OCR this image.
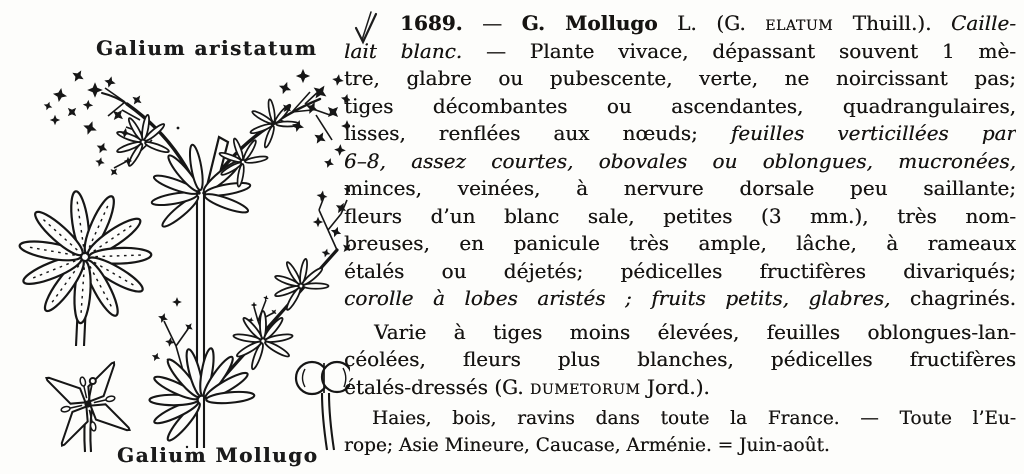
Galium aristatum
Galium Mollugo
1689. — G. Mollugo L. (G. elatum Thuill.). Caille-
lait blanc. — Plante vivace, dépassant souvent 1 mè-
tre, glabre ou pubescente, verte, ne noircissant pas;
tiges décombantes ou ascendantes, quadrangulaires,
lisses, renflées aux nœuds; feuilles verticillées par
6–8, assez courtes, obovales ou oblongues, mucronées,
minces, veinées, à nervure dorsale peu saillante;
fleurs d’un blanc sale, petites (3 mm.), très nom-
breuses, en panicule très ample, lâche, à rameaux
étalés ou déjetés; pédicelles fructifères divariqués;
corolle à lobes aristés ; fruits petits, glabres, chagrinés.
Varie à tiges moins élevées, feuilles oblongues-lan-
céolées, fleurs plus blanches, pédicelles fructifères
étalés-dressés (G. dumetorum Jord.).
Haies, bois, ravins dans toute la France. — Toute l’Eu-
rope; Asie Mineure, Caucase, Arménie. = Juin-août.
